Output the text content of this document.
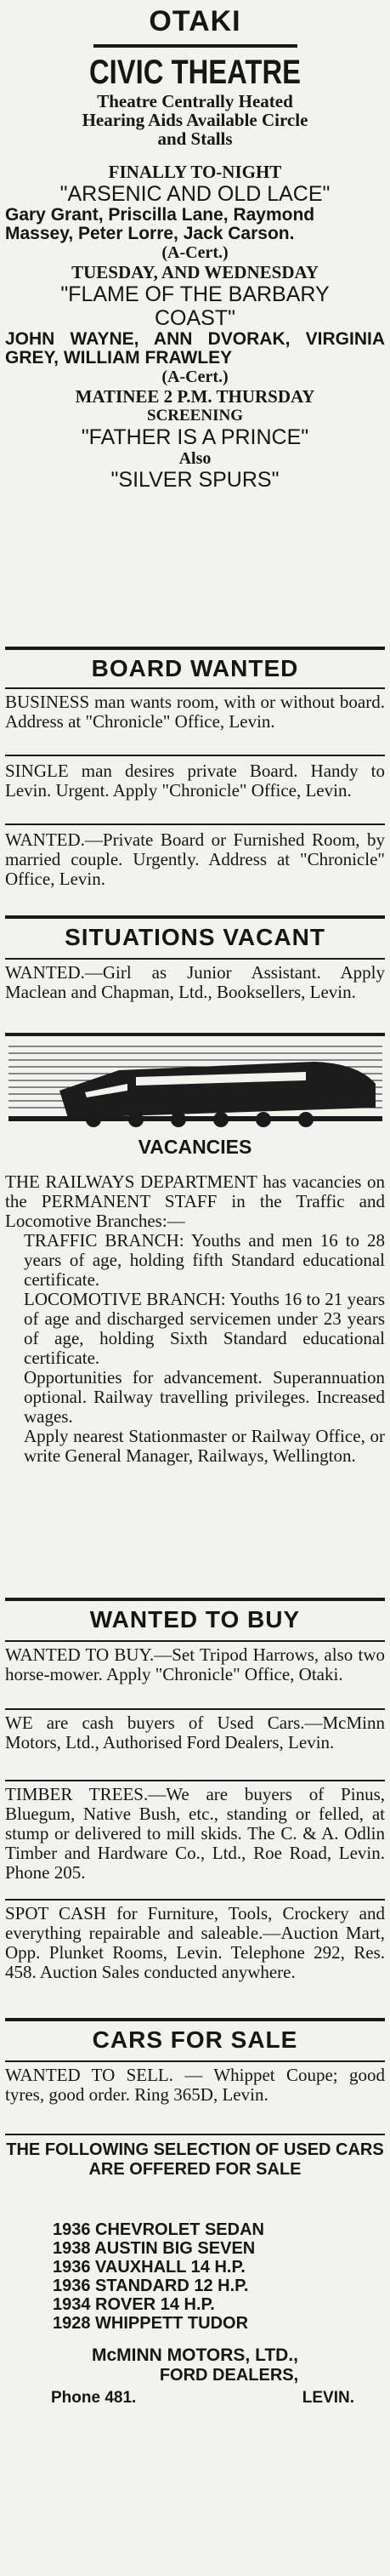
OTAKI
CIVIC THEATRE
Theatre Centrally Heated
Hearing Aids Available Circle
and Stalls
FINALLY TO-NIGHT
"ARSENIC AND OLD LACE"
Gary Grant, Priscilla Lane, Raymond Massey, Peter Lorre, Jack Carson.
(A-Cert.)
TUESDAY, AND WEDNESDAY
"FLAME OF THE BARBARY
COAST"
JOHN WAYNE, ANN DVORAK, VIRGINIA GREY, WILLIAM FRAWLEY
(A-Cert.)
MATINEE 2 P.M. THURSDAY
SCREENING
"FATHER IS A PRINCE"
Also
"SILVER SPURS"
BOARD WANTED

BUSINESS man wants room, with or without board. Address at "Chronicle" Office, Levin.

SINGLE man desires private Board. Handy to Levin. Urgent. Apply "Chronicle" Office, Levin.

WANTED.—Private Board or Furnished Room, by married couple. Urgently. Address at "Chronicle" Office, Levin.

SITUATIONS VACANT

WANTED.—Girl as Junior Assistant. Apply Maclean and Chapman, Ltd., Booksellers, Levin.

VACANCIES

THE RAILWAYS DEPARTMENT has vacancies on the PERMANENT STAFF in the Traffic and Locomotive Branches:—

TRAFFIC BRANCH: Youths and men 16 to 28 years of age, holding fifth Standard educational certificate.

LOCOMOTIVE BRANCH: Youths 16 to 21 years of age and discharged servicemen under 23 years of age, holding Sixth Standard educational certificate.

Opportunities for advancement. Superannuation optional. Railway travelling privileges. Increased wages.

Apply nearest Stationmaster or Railway Office, or write General Manager, Railways, Wellington.

WANTED TO BUY

WANTED TO BUY.—Set Tripod Harrows, also two horse-mower. Apply "Chronicle" Office, Otaki.

WE are cash buyers of Used Cars.—McMinn Motors, Ltd., Authorised Ford Dealers, Levin.

TIMBER TREES.—We are buyers of Pinus, Bluegum, Native Bush, etc., standing or felled, at stump or delivered to mill skids. The C. & A. Odlin Timber and Hardware Co., Ltd., Roe Road, Levin. Phone 205.

SPOT CASH for Furniture, Tools, Crockery and everything repairable and saleable.—Auction Mart, Opp. Plunket Rooms, Levin. Telephone 292, Res. 458. Auction Sales conducted anywhere.

CARS FOR SALE

WANTED TO SELL. — Whippet Coupe; good tyres, good order. Ring 365D, Levin.

THE FOLLOWING SELECTION OF USED CARS ARE OFFERED FOR SALE
1936 CHEVROLET SEDAN
1938 AUSTIN BIG SEVEN
1936 VAUXHALL 14 H.P.
1936 STANDARD 12 H.P.
1934 ROVER 14 H.P.
1928 WHIPPETT TUDOR
McMINN MOTORS, LTD.,
FORD DEALERS,
Phone 481.	LEVIN.
